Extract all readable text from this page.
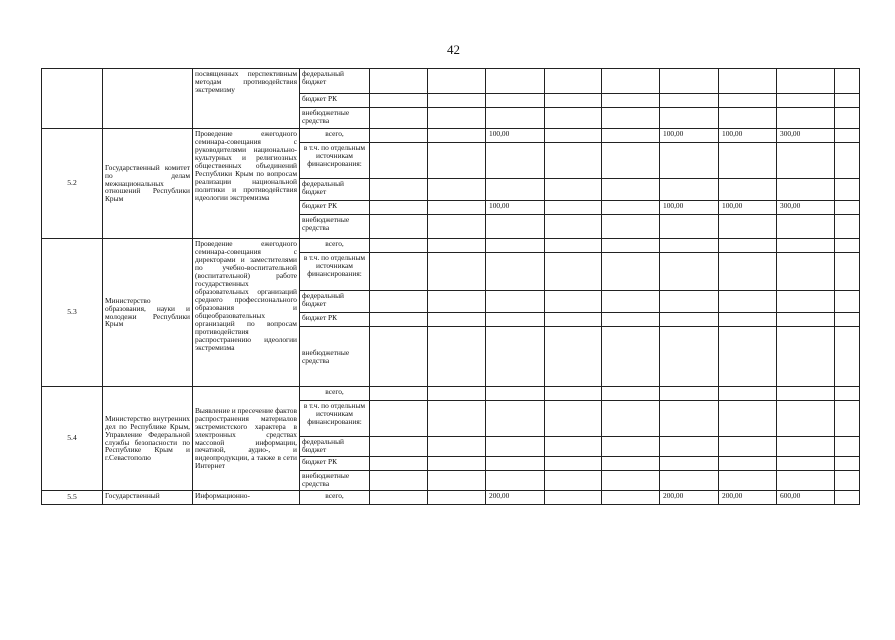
42
		посвященных перспективным методам противодействия экстремизму	федеральный бюджет									
			бюджет РК									
			внебюджетные средства									
5.2	Государственный комитет по делам межнациональных отношений Республики Крым	Проведение ежегодного семинара-совещания с руководителями национально-культурных и религиозных общественных объединений Республики Крым по вопросам реализации национальной политики и противодействия идеологии экстремизма	всего,			100,00			100,00	100,00	300,00	
			в т.ч. по отдельным источникам финансирования:									
			федеральный бюджет									
			бюджет РК			100,00			100,00	100,00	300,00	
			внебюджетные средства									
5.3	Министерство образования, науки и молодежи Республики Крым	Проведение ежегодного семинара-совещания с директорами и заместителями по учебно-воспитательной (воспитательной) работе государственных образовательных организаций среднего профессионального образования и общеобразовательных организаций по вопросам противодействия распространению идеологии экстремизма	всего,									
			в т.ч. по отдельным источникам финансирования:									
			федеральный бюджет									
			бюджет РК									
			внебюджетные средства									
5.4	Министерство внутренних дел по Республике Крым, Управление Федеральной службы безопасности по Республике Крым и г.Севастополю	Выявление и пресечение фактов распространения материалов экстремистского характера в электронных средствах массовой информации, печатной, аудио-, и видеопродукции, а также в сети Интернет	всего,									
			в т.ч. по отдельным источникам финансирования:									
			федеральный бюджет									
			бюджет РК									
			внебюджетные средства									
5.5	Государственный	Информационно-	всего,			200,00			200,00	200,00	600,00	
